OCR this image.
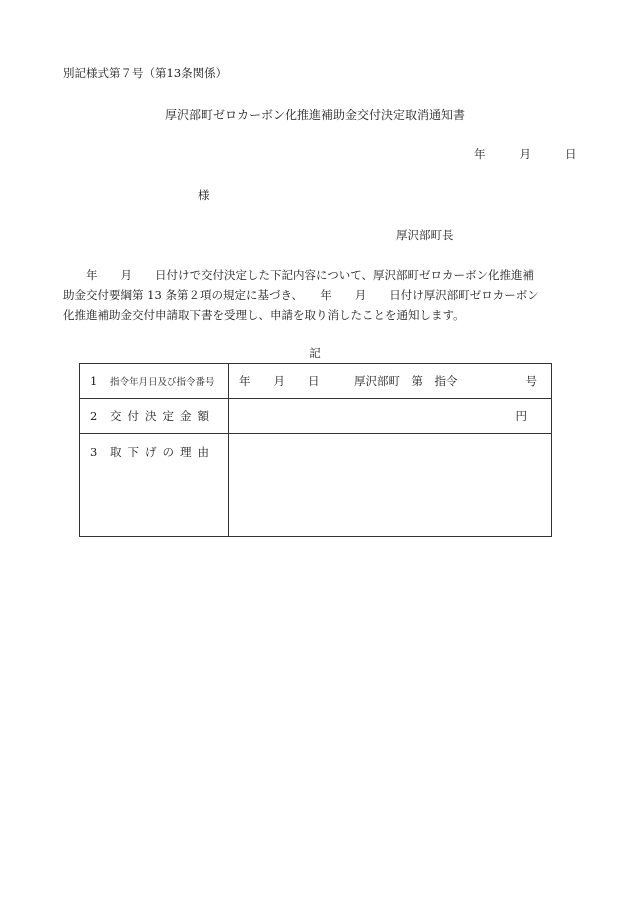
別記様式第７号（第13条関係）
厚沢部町ゼロカーボン化推進補助金交付決定取消通知書
年	月	日
様
厚沢部町長
　　年　　月　　日付けで交付決定した下記内容について、厚沢部町ゼロカーボン化推進補
助金交付要綱第 13 条第２項の規定に基づき、　　年　　月　　日付け厚沢部町ゼロカーボン
化推進補助金交付申請取下書を受理し、申請を取り消したことを通知します。
記
1 指令年月日及び指令番号	年　　月　　日　　　厚沢部町　第　指令 号

2 交付決定金額	円

3 取下げの理由	
